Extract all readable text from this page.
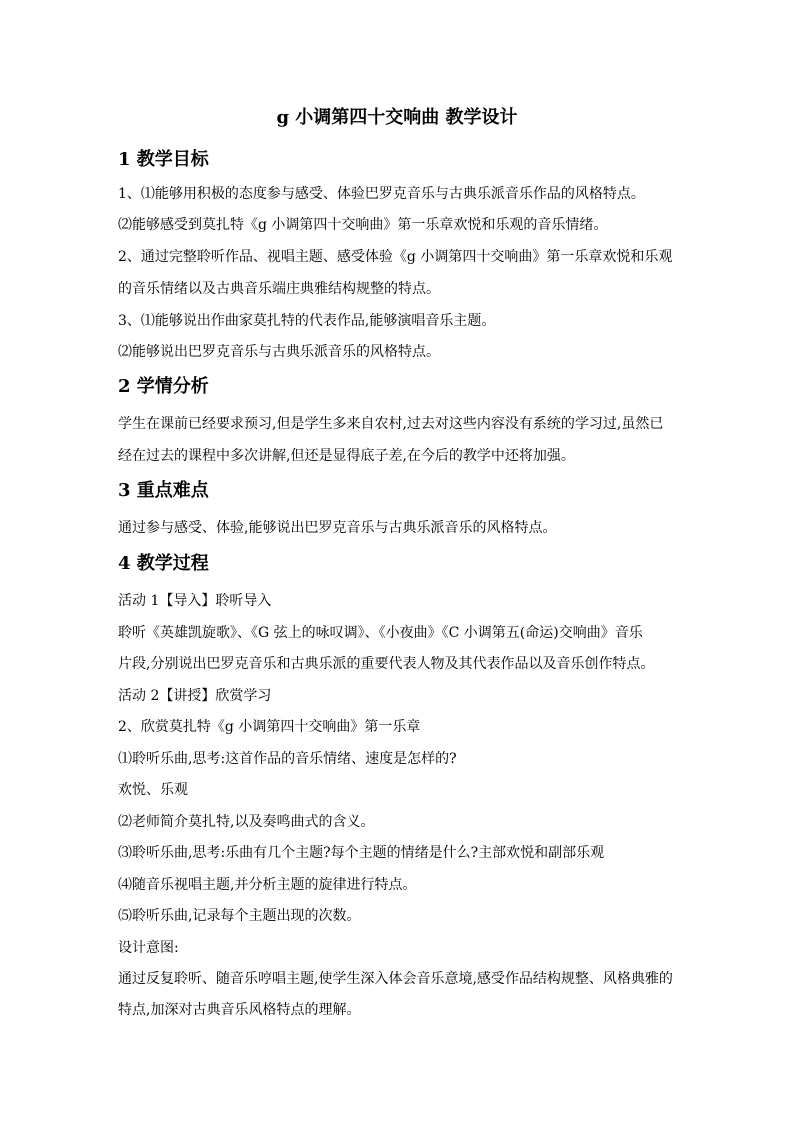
g 小调第四十交响曲 教学设计
1 教学目标
1、⑴能够用积极的态度参与感受、体验巴罗克音乐与古典乐派音乐作品的风格特点。
⑵能够感受到莫扎特《g 小调第四十交响曲》第一乐章欢悦和乐观的音乐情绪。
2、通过完整聆听作品、视唱主题、感受体验《g 小调第四十交响曲》第一乐章欢悦和乐观
的音乐情绪以及古典音乐端庄典雅结构规整的特点。
3、⑴能够说出作曲家莫扎特的代表作品,能够演唱音乐主题。
⑵能够说出巴罗克音乐与古典乐派音乐的风格特点。
2 学情分析
学生在课前已经要求预习,但是学生多来自农村,过去对这些内容没有系统的学习过,虽然已
经在过去的课程中多次讲解,但还是显得底子差,在今后的教学中还将加强。
3 重点难点
通过参与感受、体验,能够说出巴罗克音乐与古典乐派音乐的风格特点。
4 教学过程
活动 1【导入】聆听导入
聆听《英雄凯旋歌》、《G 弦上的咏叹调》、《小夜曲》《C 小调第五(命运)交响曲》音乐
片段,分别说出巴罗克音乐和古典乐派的重要代表人物及其代表作品以及音乐创作特点。
活动 2【讲授】欣赏学习
2、欣赏莫扎特《g 小调第四十交响曲》第一乐章
⑴聆听乐曲,思考:这首作品的音乐情绪、速度是怎样的?
欢悦、乐观
⑵老师简介莫扎特,以及奏鸣曲式的含义。
⑶聆听乐曲,思考:乐曲有几个主题?每个主题的情绪是什么?主部欢悦和副部乐观
⑷随音乐视唱主题,并分析主题的旋律进行特点。
⑸聆听乐曲,记录每个主题出现的次数。
设计意图:
通过反复聆听、随音乐哼唱主题,使学生深入体会音乐意境,感受作品结构规整、风格典雅的
特点,加深对古典音乐风格特点的理解。
